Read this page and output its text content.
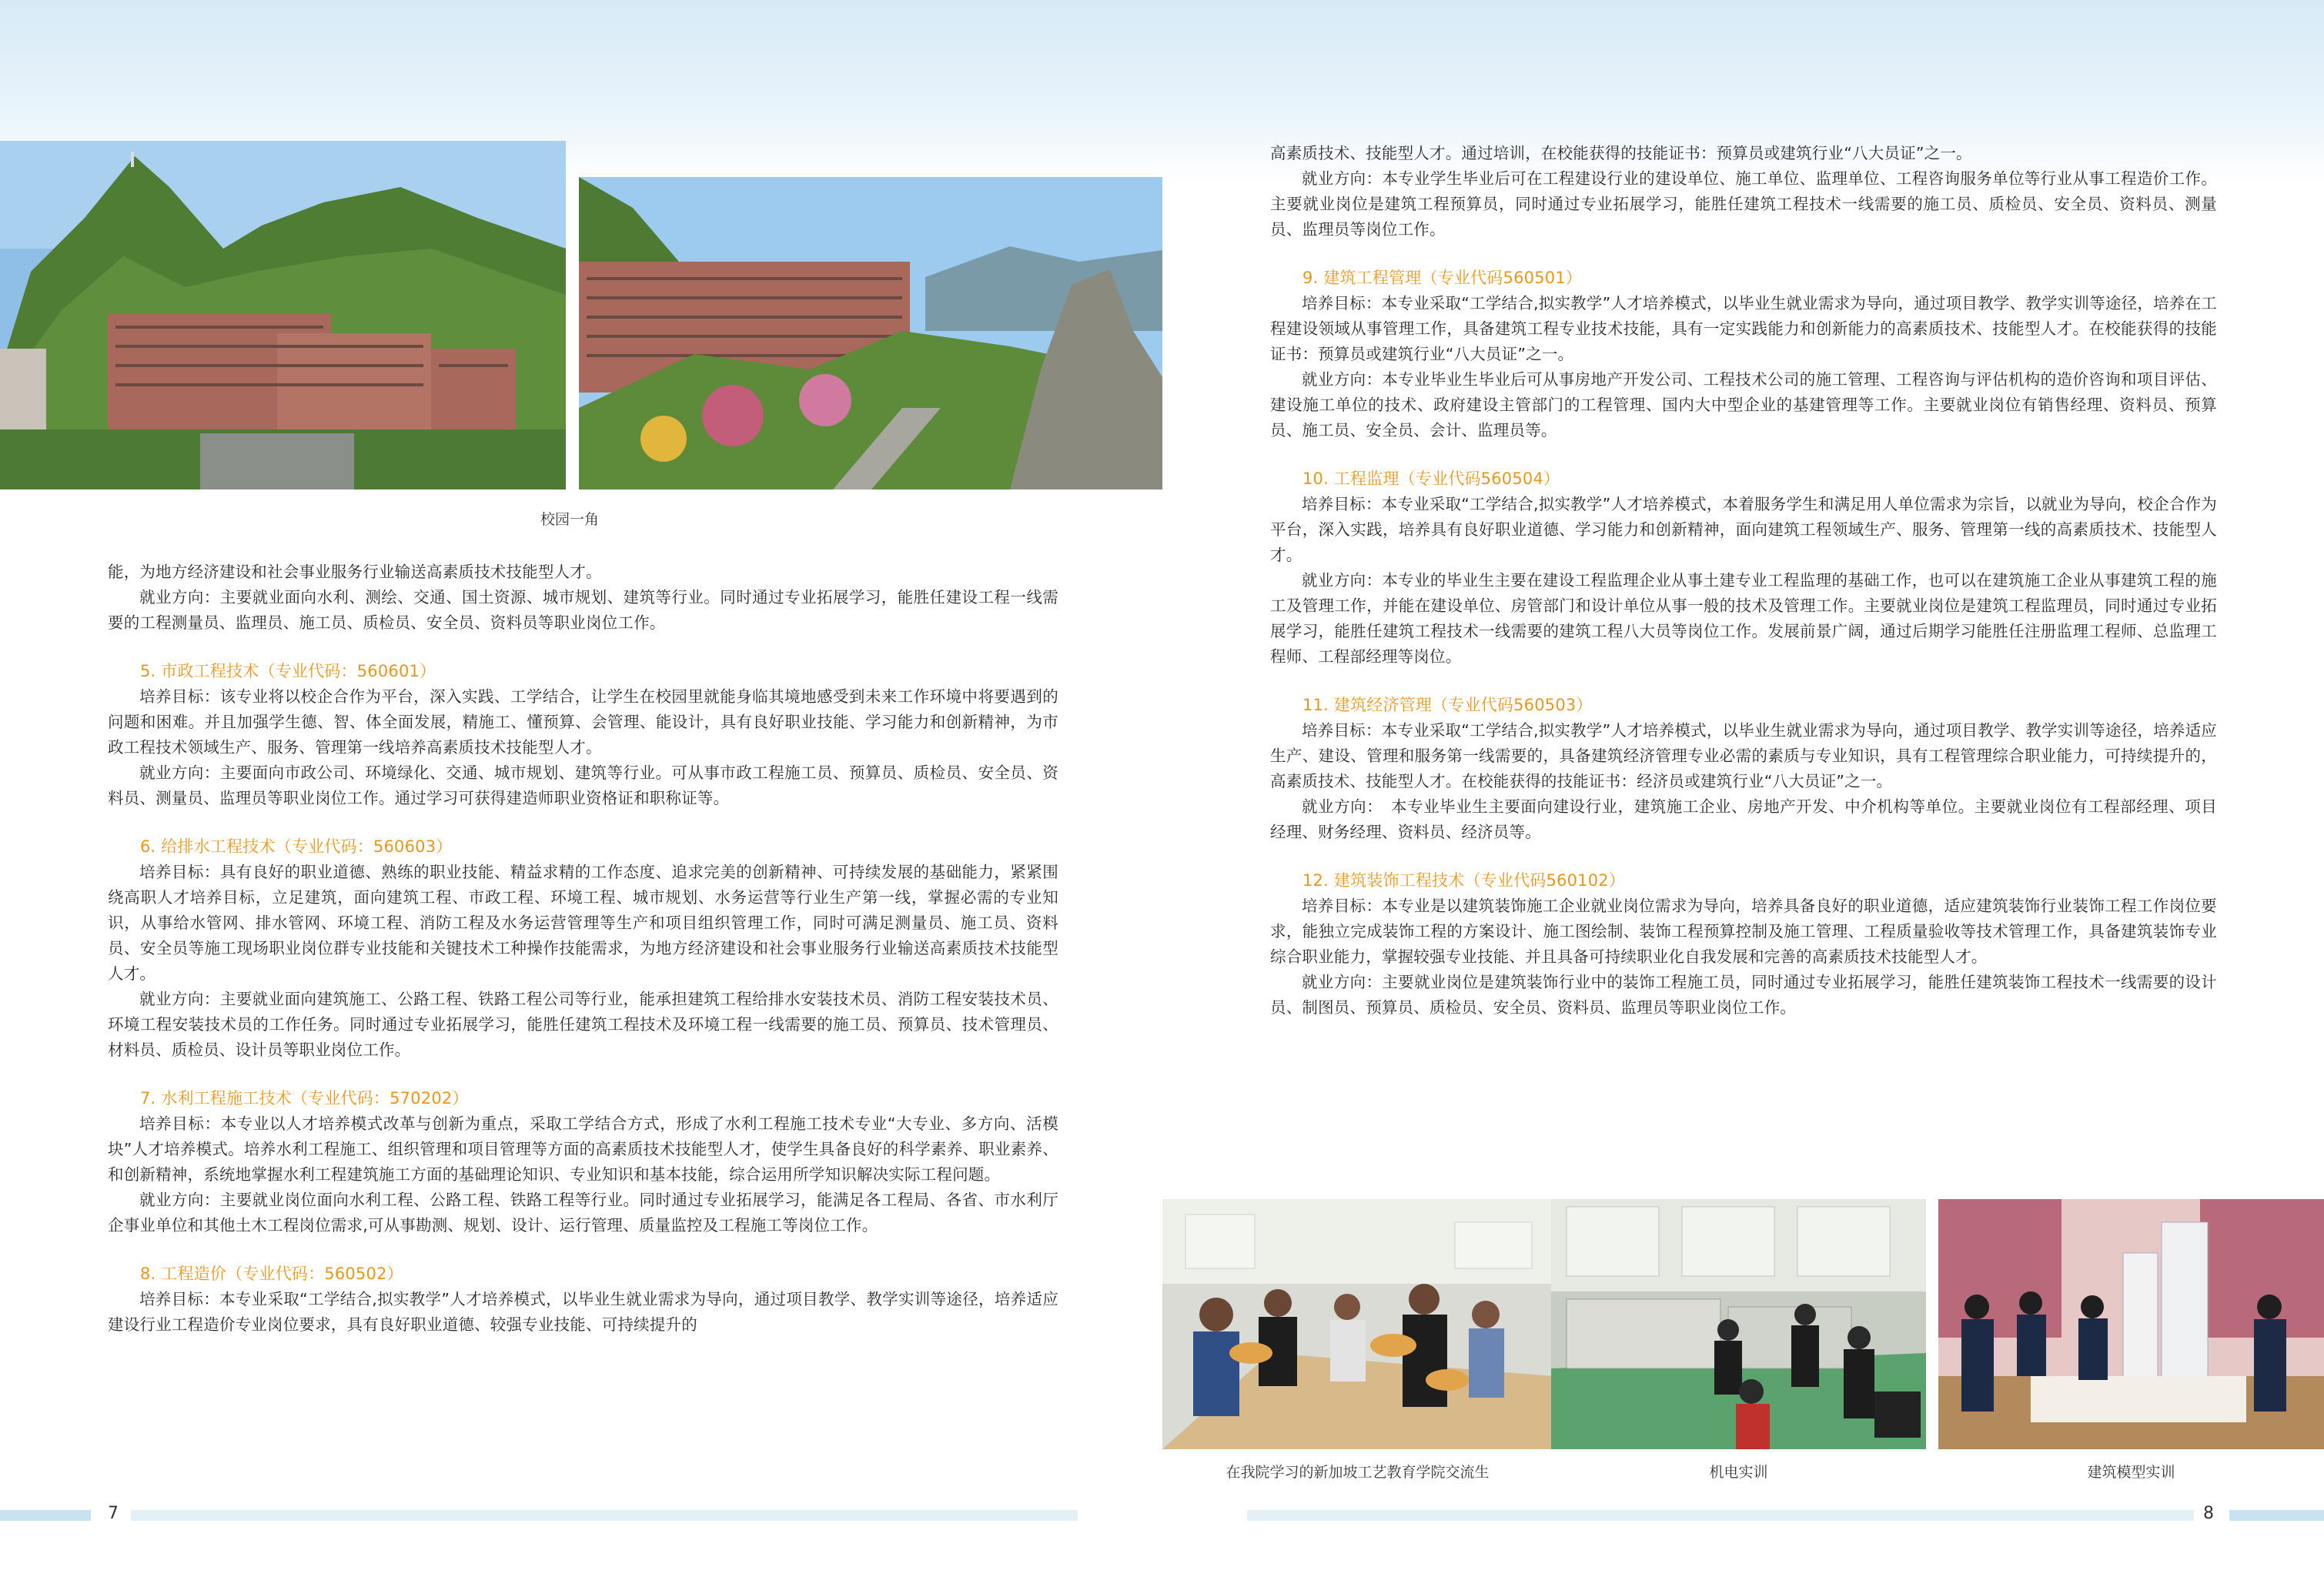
校园一角

能，为地方经济建设和社会事业服务行业输送高素质技术技能型人才。

就业方向：主要就业面向水利、测绘、交通、国土资源、城市规划、建筑等行业。同时通过专业拓展学习，能胜任建设工程一线需要的工程测量员、监理员、施工员、质检员、安全员、资料员等职业岗位工作。

5. 市政工程技术（专业代码：560601）

培养目标：该专业将以校企合作为平台，深入实践、工学结合，让学生在校园里就能身临其境地感受到未来工作环境中将要遇到的问题和困难。并且加强学生德、智、体全面发展，精施工、懂预算、会管理、能设计，具有良好职业技能、学习能力和创新精神，为市政工程技术领域生产、服务、管理第一线培养高素质技术技能型人才。

就业方向：主要面向市政公司、环境绿化、交通、城市规划、建筑等行业。可从事市政工程施工员、预算员、质检员、安全员、资料员、测量员、监理员等职业岗位工作。通过学习可获得建造师职业资格证和职称证等。

6. 给排水工程技术（专业代码：560603）

培养目标：具有良好的职业道德、熟练的职业技能、精益求精的工作态度、追求完美的创新精神、可持续发展的基础能力，紧紧围绕高职人才培养目标，立足建筑，面向建筑工程、市政工程、环境工程、城市规划、水务运营等行业生产第一线，掌握必需的专业知识，从事给水管网、排水管网、环境工程、消防工程及水务运营管理等生产和项目组织管理工作，同时可满足测量员、施工员、资料员、安全员等施工现场职业岗位群专业技能和关键技术工种操作技能需求，为地方经济建设和社会事业服务行业输送高素质技术技能型人才。

就业方向：主要就业面向建筑施工、公路工程、铁路工程公司等行业，能承担建筑工程给排水安装技术员、消防工程安装技术员、环境工程安装技术员的工作任务。同时通过专业拓展学习，能胜任建筑工程技术及环境工程一线需要的施工员、预算员、技术管理员、材料员、质检员、设计员等职业岗位工作。

7. 水利工程施工技术（专业代码：570202）

培养目标：本专业以人才培养模式改革与创新为重点，采取工学结合方式，形成了水利工程施工技术专业“大专业、多方向、活模块”人才培养模式。培养水利工程施工、组织管理和项目管理等方面的高素质技术技能型人才，使学生具备良好的科学素养、职业素养、和创新精神，系统地掌握水利工程建筑施工方面的基础理论知识、专业知识和基本技能，综合运用所学知识解决实际工程问题。

就业方向：主要就业岗位面向水利工程、公路工程、铁路工程等行业。同时通过专业拓展学习，能满足各工程局、各省、市水利厅企事业单位和其他土木工程岗位需求,可从事勘测、规划、设计、运行管理、质量监控及工程施工等岗位工作。

8. 工程造价（专业代码：560502）

培养目标：本专业采取“工学结合,拟实教学”人才培养模式，以毕业生就业需求为导向，通过项目教学、教学实训等途径，培养适应建设行业工程造价专业岗位要求，具有良好职业道德、较强专业技能、可持续提升的

7

高素质技术、技能型人才。通过培训，在校能获得的技能证书：预算员或建筑行业“八大员证”之一。

就业方向：本专业学生毕业后可在工程建设行业的建设单位、施工单位、监理单位、工程咨询服务单位等行业从事工程造价工作。主要就业岗位是建筑工程预算员，同时通过专业拓展学习，能胜任建筑工程技术一线需要的施工员、质检员、安全员、资料员、测量员、监理员等岗位工作。

9. 建筑工程管理（专业代码560501）

培养目标：本专业采取“工学结合,拟实教学”人才培养模式，以毕业生就业需求为导向，通过项目教学、教学实训等途径，培养在工程建设领域从事管理工作，具备建筑工程专业技术技能，具有一定实践能力和创新能力的高素质技术、技能型人才。在校能获得的技能证书：预算员或建筑行业“八大员证”之一。

就业方向：本专业毕业生毕业后可从事房地产开发公司、工程技术公司的施工管理、工程咨询与评估机构的造价咨询和项目评估、建设施工单位的技术、政府建设主管部门的工程管理、国内大中型企业的基建管理等工作。主要就业岗位有销售经理、资料员、预算员、施工员、安全员、会计、监理员等。

10. 工程监理（专业代码560504）

培养目标：本专业采取“工学结合,拟实教学”人才培养模式，本着服务学生和满足用人单位需求为宗旨，以就业为导向，校企合作为平台，深入实践，培养具有良好职业道德、学习能力和创新精神，面向建筑工程领域生产、服务、管理第一线的高素质技术、技能型人才。

就业方向：本专业的毕业生主要在建设工程监理企业从事土建专业工程监理的基础工作，也可以在建筑施工企业从事建筑工程的施工及管理工作，并能在建设单位、房管部门和设计单位从事一般的技术及管理工作。主要就业岗位是建筑工程监理员，同时通过专业拓展学习，能胜任建筑工程技术一线需要的建筑工程八大员等岗位工作。发展前景广阔，通过后期学习能胜任注册监理工程师、总监理工程师、工程部经理等岗位。

11. 建筑经济管理（专业代码560503）

培养目标：本专业采取“工学结合,拟实教学”人才培养模式，以毕业生就业需求为导向，通过项目教学、教学实训等途径，培养适应生产、建设、管理和服务第一线需要的，具备建筑经济管理专业必需的素质与专业知识，具有工程管理综合职业能力，可持续提升的，高素质技术、技能型人才。在校能获得的技能证书：经济员或建筑行业“八大员证”之一。

就业方向：　本专业毕业生主要面向建设行业，建筑施工企业、房地产开发、中介机构等单位。主要就业岗位有工程部经理、项目经理、财务经理、资料员、经济员等。

12. 建筑装饰工程技术（专业代码560102）

培养目标：本专业是以建筑装饰施工企业就业岗位需求为导向，培养具备良好的职业道德，适应建筑装饰行业装饰工程工作岗位要求，能独立完成装饰工程的方案设计、施工图绘制、装饰工程预算控制及施工管理、工程质量验收等技术管理工作，具备建筑装饰专业综合职业能力，掌握较强专业技能、并且具备可持续职业化自我发展和完善的高素质技术技能型人才。

就业方向：主要就业岗位是建筑装饰行业中的装饰工程施工员，同时通过专业拓展学习，能胜任建筑装饰工程技术一线需要的设计员、制图员、预算员、质检员、安全员、资料员、监理员等职业岗位工作。

在我院学习的新加坡工艺教育学院交流生	机电实训	建筑模型实训
8
